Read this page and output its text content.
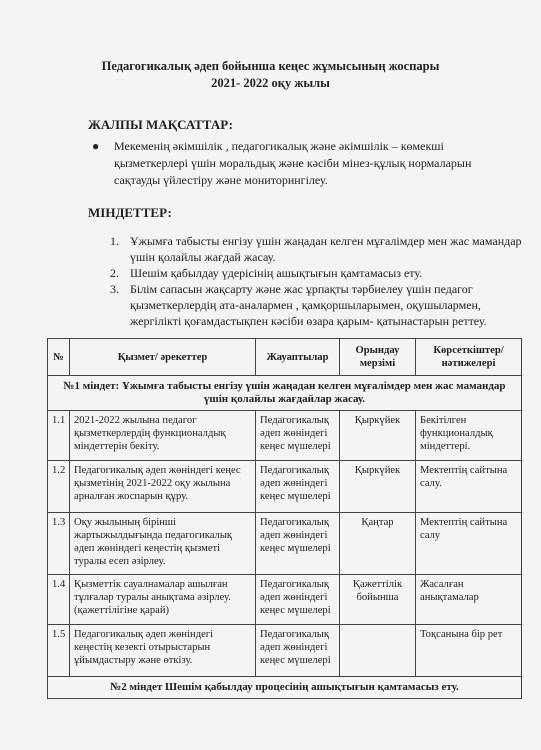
Педагогикалық әдеп бойынша кеңес жұмысының жоспары
2021- 2022 оқу жылы
ЖАЛПЫ МАҚСАТТАР:
● Мекеменің әкімшілік , педагогикалық және әкімшілік – көмекші қызметкерлері үшін моральдық және кәсіби мінез-құлық нормаларын сақтауды үйлестіру және мониторингілеу.
МІНДЕТТЕР:
1. Ұжымға табысты енгізу үшін жаңадан келген мұғалімдер мен жас мамандар үшін қолайлы жағдай жасау.
2. Шешім қабылдау үдерісінің ашықтығын қамтамасыз ету.
3. Білім сапасын жақсарту және жас ұрпақты тәрбиелеу үшін педагог қызметкерлердің ата-аналармен , қамқоршыларымен, оқушылармен, жергілікті қоғамдастықпен кәсіби өзара қарым- қатынастарын реттеу.
№	Қызмет/ әрекеттер	Жауаптылар	Орындау мерзімі	Көрсеткіштер/ нәтижелері
№1 міндет: Ұжымға табысты енгізу үшін жаңадан келген мұғалімдер мен жас мамандар үшін қолайлы жағдайлар жасау.				
1.1	2021-2022 жылына педагог қызметкерлердің функционалдық міндеттерін бекіту.	Педагогикалық әдеп жөніндегі кеңес мүшелері	Қыркүйек	Бекітілген функционалдық міндеттері.
1.2	Педагогикалық әдеп жөніндегі кеңес қызметінің 2021-2022 оқу жылына арналған жоспарын құру.	Педагогикалық әдеп жөніндегі кеңес мүшелері	Қыркүйек	Мектептің сайтына салу.
1.3	Оқу жылының бірінші жартыжылдығында педагогикалық әдеп жөніндегі кеңестің қызметі туралы есеп әзірлеу.	Педагогикалық әдеп жөніндегі кеңес мүшелері	Қаңтар	Мектептің сайтына салу
1.4	Қызметтік сауалнамалар ашылған тұлғалар туралы анықтама әзірлеу.(қажеттілігіне қарай)	Педагогикалық әдеп жөніндегі кеңес мүшелері	Қажеттілік бойынша	Жасалған анықтамалар
1.5	Педагогикалық әдеп жөніндегі кеңестің кезекті отырыстарын ұйымдастыру және өткізу.	Педагогикалық әдеп жөніндегі кеңес мүшелері		Тоқсанына бір рет
№2 міндет Шешім қабылдау процесінің ашықтығын қамтамасыз ету.				
